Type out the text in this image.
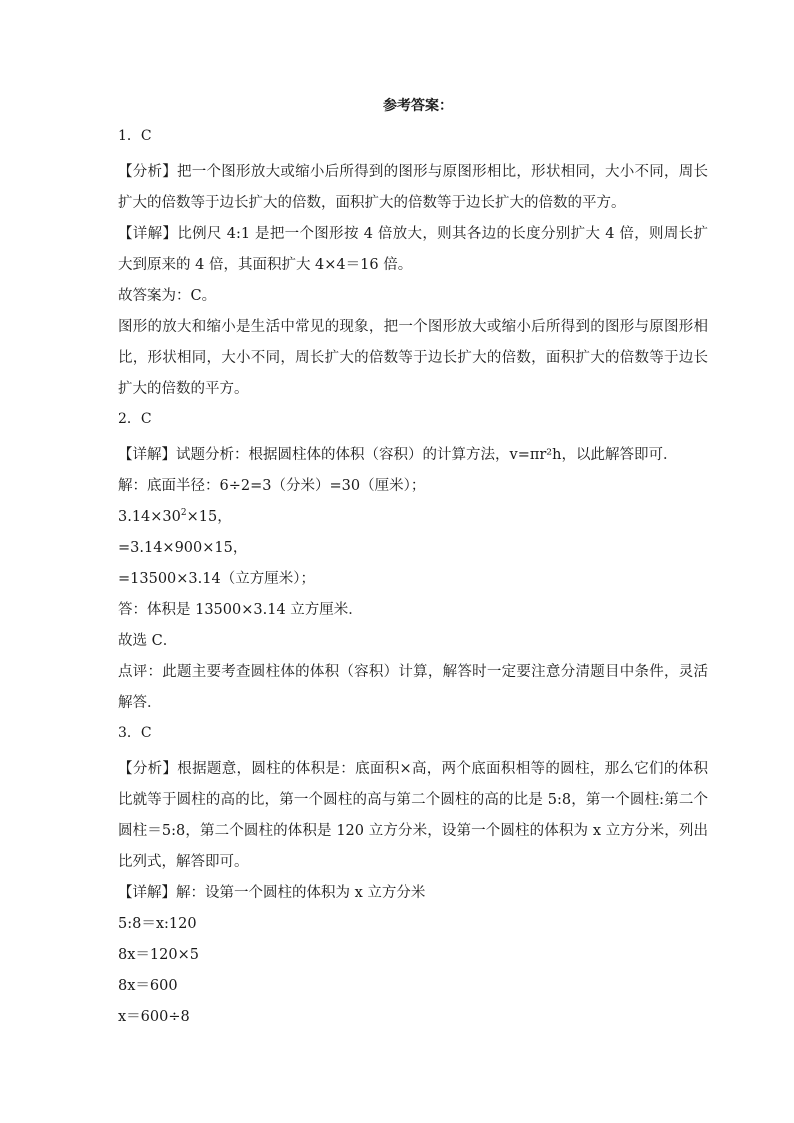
参考答案：
1．C
【分析】把一个图形放大或缩小后所得到的图形与原图形相比，形状相同，大小不同，周长扩大的倍数等于边长扩大的倍数，面积扩大的倍数等于边长扩大的倍数的平方。
【详解】比例尺 4:1 是把一个图形按 4 倍放大，则其各边的长度分别扩大 4 倍，则周长扩大到原来的 4 倍，其面积扩大 4×4＝16 倍。
故答案为：C。
图形的放大和缩小是生活中常见的现象，把一个图形放大或缩小后所得到的图形与原图形相比，形状相同，大小不同，周长扩大的倍数等于边长扩大的倍数，面积扩大的倍数等于边长扩大的倍数的平方。
2．C
【详解】试题分析：根据圆柱体的体积（容积）的计算方法，v=πr²h，以此解答即可．
解：底面半径：6÷2=3（分米）=30（厘米）；
$3.14\times 30^2\times 15$，
=3.14×900×15，
=13500×3.14（立方厘米）；
答：体积是 13500×3.14 立方厘米．
故选 C．
点评：此题主要考查圆柱体的体积（容积）计算，解答时一定要注意分清题目中条件，灵活解答．
3．C
【分析】根据题意，圆柱的体积是：底面积×高，两个底面积相等的圆柱，那么它们的体积比就等于圆柱的高的比，第一个圆柱的高与第二个圆柱的高的比是 5:8，第一个圆柱:第二个圆柱＝5:8，第二个圆柱的体积是 120 立方分米，设第一个圆柱的体积为 x 立方分米，列出比列式，解答即可。
【详解】解：设第一个圆柱的体积为 x 立方分米
5:8＝x:120
8x＝120×5
8x＝600
x＝600÷8
